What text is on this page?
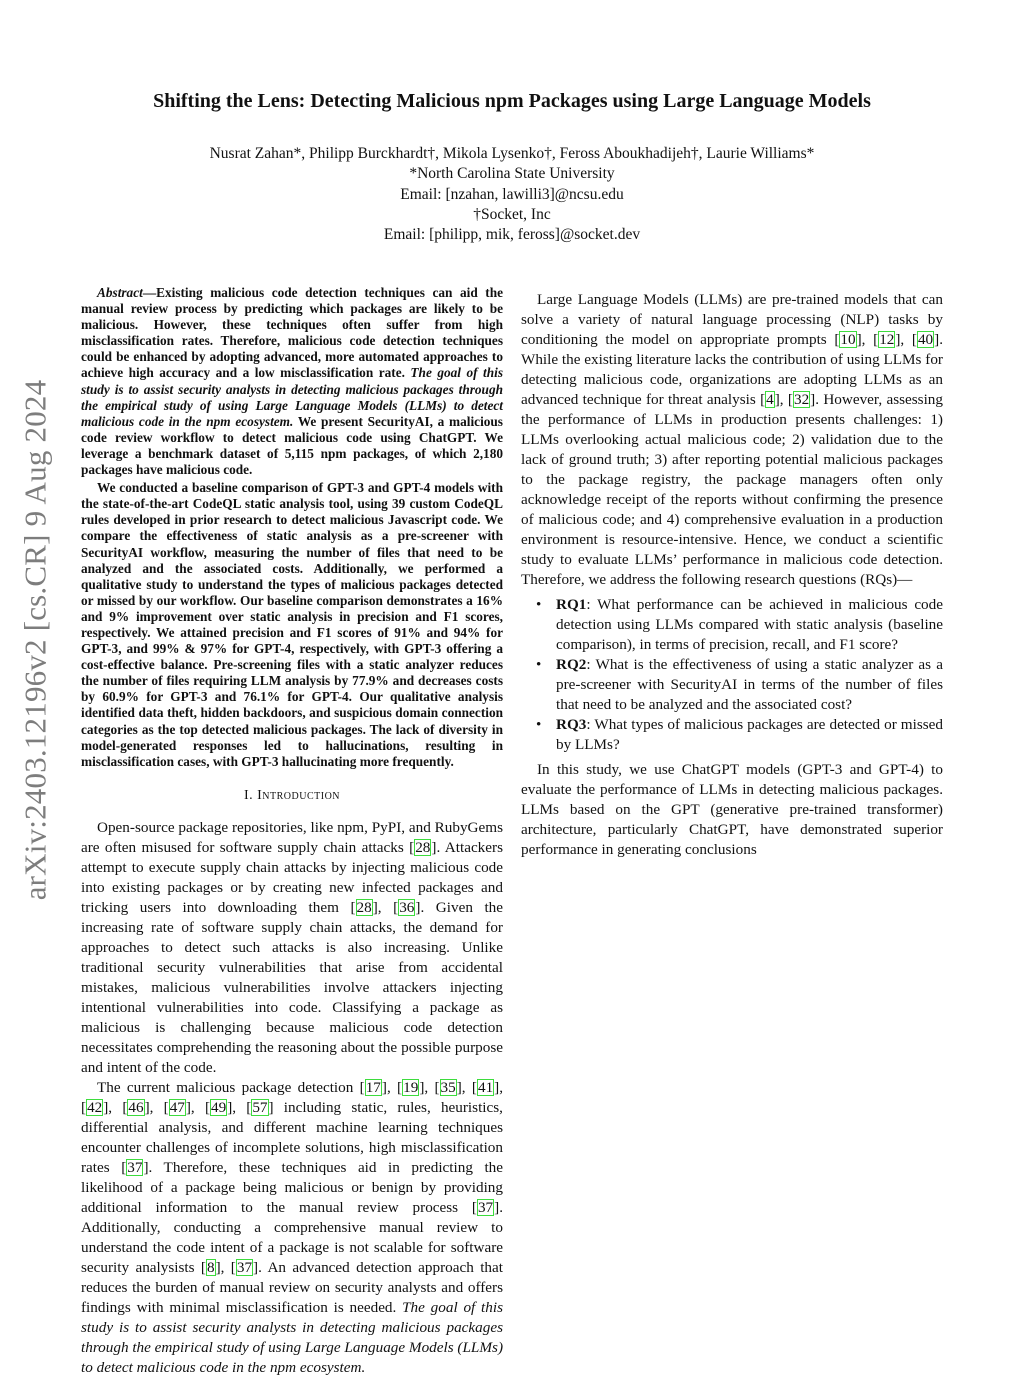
arXiv:2403.12196v2 [cs.CR] 9 Aug 2024
Shifting the Lens: Detecting Malicious npm Packages using Large Language Models
Nusrat Zahan*, Philipp Burckhardt†, Mikola Lysenko†, Feross Aboukhadijeh†, Laurie Williams*
*North Carolina State University
Email: [nzahan, lawilli3]@ncsu.edu
†Socket, Inc
Email: [philipp, mik, feross]@socket.dev

Abstract—Existing malicious code detection techniques can aid the manual review process by predicting which packages are likely to be malicious. However, these techniques often suffer from high misclassification rates. Therefore, malicious code detection techniques could be enhanced by adopting advanced, more automated approaches to achieve high accuracy and a low misclassification rate. The goal of this study is to assist security analysts in detecting malicious packages through the empirical study of using Large Language Models (LLMs) to detect malicious code in the npm ecosystem. We present SecurityAI, a malicious code review workflow to detect malicious code using ChatGPT. We leverage a benchmark dataset of 5,115 npm packages, of which 2,180 packages have malicious code.

We conducted a baseline comparison of GPT-3 and GPT-4 models with the state-of-the-art CodeQL static analysis tool, using 39 custom CodeQL rules developed in prior research to detect malicious Javascript code. We compare the effectiveness of static analysis as a pre-screener with SecurityAI workflow, measuring the number of files that need to be analyzed and the associated costs. Additionally, we performed a qualitative study to understand the types of malicious packages detected or missed by our workflow. Our baseline comparison demonstrates a 16% and 9% improvement over static analysis in precision and F1 scores, respectively. We attained precision and F1 scores of 91% and 94% for GPT-3, and 99% & 97% for GPT-4, respectively, with GPT-3 offering a cost-effective balance. Pre-screening files with a static analyzer reduces the number of files requiring LLM analysis by 77.9% and decreases costs by 60.9% for GPT-3 and 76.1% for GPT-4. Our qualitative analysis identified data theft, hidden backdoors, and suspicious domain connection categories as the top detected malicious packages. The lack of diversity in model-generated responses led to hallucinations, resulting in misclassification cases, with GPT-3 hallucinating more frequently.

I. Introduction

Open-source package repositories, like npm, PyPI, and RubyGems are often misused for software supply chain attacks [28]. Attackers attempt to execute supply chain attacks by injecting malicious code into existing packages or by creating new infected packages and tricking users into downloading them [28], [36]. Given the increasing rate of software supply chain attacks, the demand for approaches to detect such attacks is also increasing. Unlike traditional security vulnerabilities that arise from accidental mistakes, malicious vulnerabilities involve attackers injecting intentional vulnerabilities into code. Classifying a package as malicious is challenging because malicious code detection necessitates comprehending the reasoning about the possible purpose and intent of the code.

The current malicious package detection [17], [19], [35], [41], [42], [46], [47], [49], [57] including static, rules, heuristics, differential analysis, and different machine learning techniques encounter challenges of incomplete solutions, high misclassification rates [37]. Therefore, these techniques aid in predicting the likelihood of a package being malicious or benign by providing additional information to the manual review process [37]. Additionally, conducting a comprehensive manual review to understand the code intent of a package is not scalable for software security analysists [8], [37]. An advanced detection approach that reduces the burden of manual review on security analysts and offers findings with minimal misclassification is needed. The goal of this study is to assist security analysts in detecting malicious packages through the empirical study of using Large Language Models (LLMs) to detect malicious code in the npm ecosystem.

Large Language Models (LLMs) are pre-trained models that can solve a variety of natural language processing (NLP) tasks by conditioning the model on appropriate prompts [10], [12], [40]. While the existing literature lacks the contribution of using LLMs for detecting malicious code, organizations are adopting LLMs as an advanced technique for threat analysis [4], [32]. However, assessing the performance of LLMs in production presents challenges: 1) LLMs overlooking actual malicious code; 2) validation due to the lack of ground truth; 3) after reporting potential malicious packages to the package registry, the package managers often only acknowledge receipt of the reports without confirming the presence of malicious code; and 4) comprehensive evaluation in a production environment is resource-intensive. Hence, we conduct a scientific study to evaluate LLMs’ performance in malicious code detection. Therefore, we address the following research questions (RQs)—

• RQ1: What performance can be achieved in malicious code detection using LLMs compared with static analysis (baseline comparison), in terms of precision, recall, and F1 score?
• RQ2: What is the effectiveness of using a static analyzer as a pre-screener with SecurityAI in terms of the number of files that need to be analyzed and the associated cost?
• RQ3: What types of malicious packages are detected or missed by LLMs?

In this study, we use ChatGPT models (GPT-3 and GPT-4) to evaluate the performance of LLMs in detecting malicious packages. LLMs based on the GPT (generative pre-trained transformer) architecture, particularly ChatGPT, have demonstrated superior performance in generating conclusions
